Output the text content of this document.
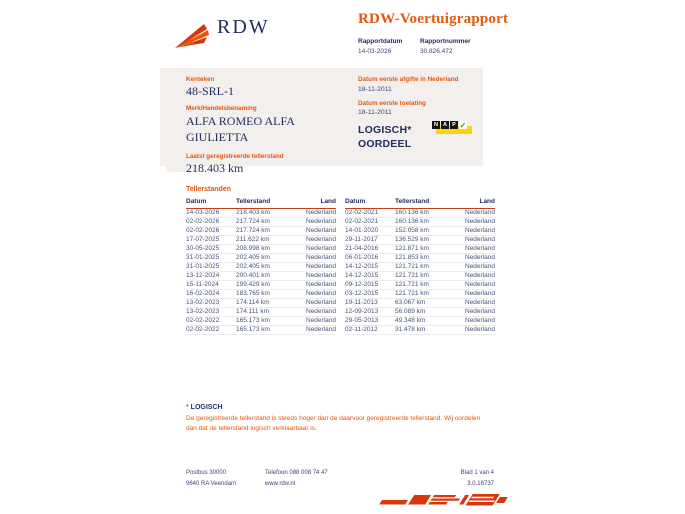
RDW	RDW-Voertuigrapport
Rapportdatum
14-03-2026
Rapportnummer
30.826.472
Kenteken
48-SRL-1
Merk/Handelsbenaming
ALFA ROMEO ALFA GIULIETTA
Laatst geregistreerde tellerstand
218.403 km
Datum eerste afgifte in Nederland
18-11-2011
Datum eerste toelating
18-11-2011
LOGISCH*
OORDEEL
N A P ✓
Tellerstanden
Datum	Tellerstand	Land
14-03-2026	218.403 km	Nederland
02-02-2026	217.724 km	Nederland
02-02-2026	217.724 km	Nederland
17-07-2025	211.622 km	Nederland
30-05-2025	208.998 km	Nederland
31-01-2025	202.405 km	Nederland
31-01-2025	202.405 km	Nederland
13-12-2024	200.401 km	Nederland
15-11-2024	199.429 km	Nederland
16-02-2024	183.765 km	Nederland
13-02-2023	174.114 km	Nederland
13-02-2023	174.111 km	Nederland
02-02-2022	165.173 km	Nederland
02-02-2022	165.173 km	Nederland
Datum	Tellerstand	Land
02-02-2021	160.136 km	Nederland
02-02-2021	160.136 km	Nederland
14-01-2020	152.058 km	Nederland
29-11-2017	136.529 km	Nederland
21-04-2016	121.871 km	Nederland
06-01-2016	121.853 km	Nederland
14-12-2015	121.721 km	Nederland
14-12-2015	121.721 km	Nederland
09-12-2015	121.721 km	Nederland
03-12-2015	121.721 km	Nederland
19-11-2013	63.067 km	Nederland
12-09-2013	56.089 km	Nederland
29-05-2013	49.348 km	Nederland
02-11-2012	31.478 km	Nederland
* LOGISCH
De geregistreerde tellerstand is steeds hoger dan de daarvoor geregistreerde tellerstand. Wij oordelen dan dat de tellerstand logisch verklaarbaar is.
Postbus 30000
9640 RA Veendam
Telefoon 088 008 74 47
www.rdw.nl
Blad 1 van 4
3.0.18737
